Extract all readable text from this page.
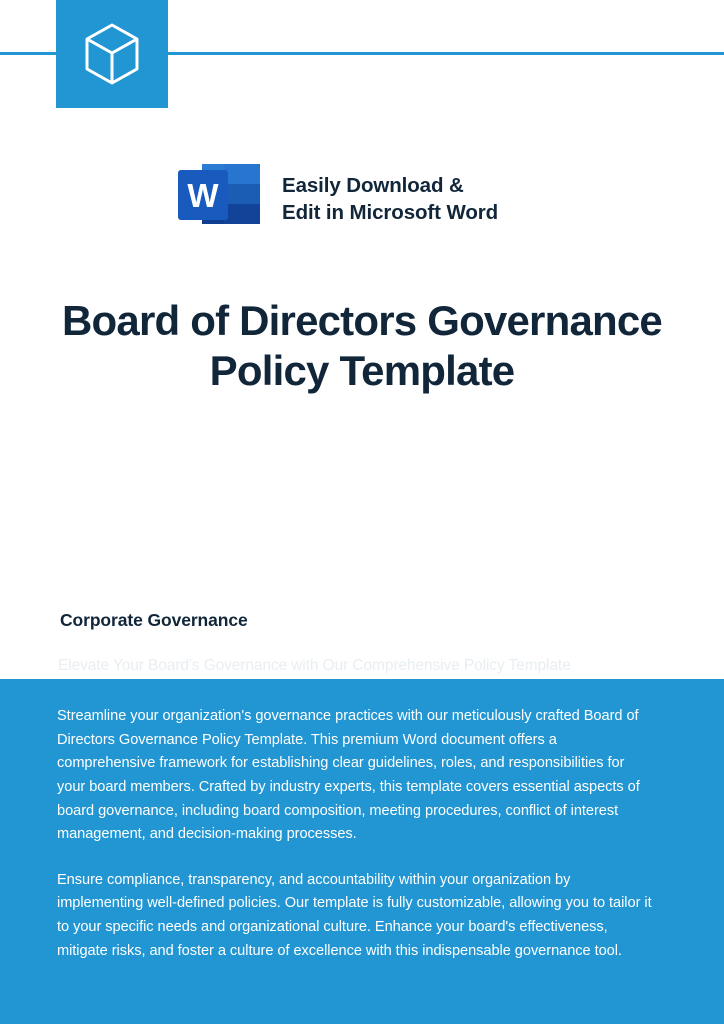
W	Easily Download &
Edit in Microsoft Word
Board of Directors Governance Policy Template
Corporate Governance
Elevate Your Board's Governance with Our Comprehensive Policy Template

Streamline your organization's governance practices with our meticulously crafted Board of Directors Governance Policy Template. This premium Word document offers a comprehensive framework for establishing clear guidelines, roles, and responsibilities for your board members. Crafted by industry experts, this template covers essential aspects of board governance, including board composition, meeting procedures, conflict of interest management, and decision-making processes.

Ensure compliance, transparency, and accountability within your organization by implementing well-defined policies. Our template is fully customizable, allowing you to tailor it to your specific needs and organizational culture. Enhance your board's effectiveness, mitigate risks, and foster a culture of excellence with this indispensable governance tool.
